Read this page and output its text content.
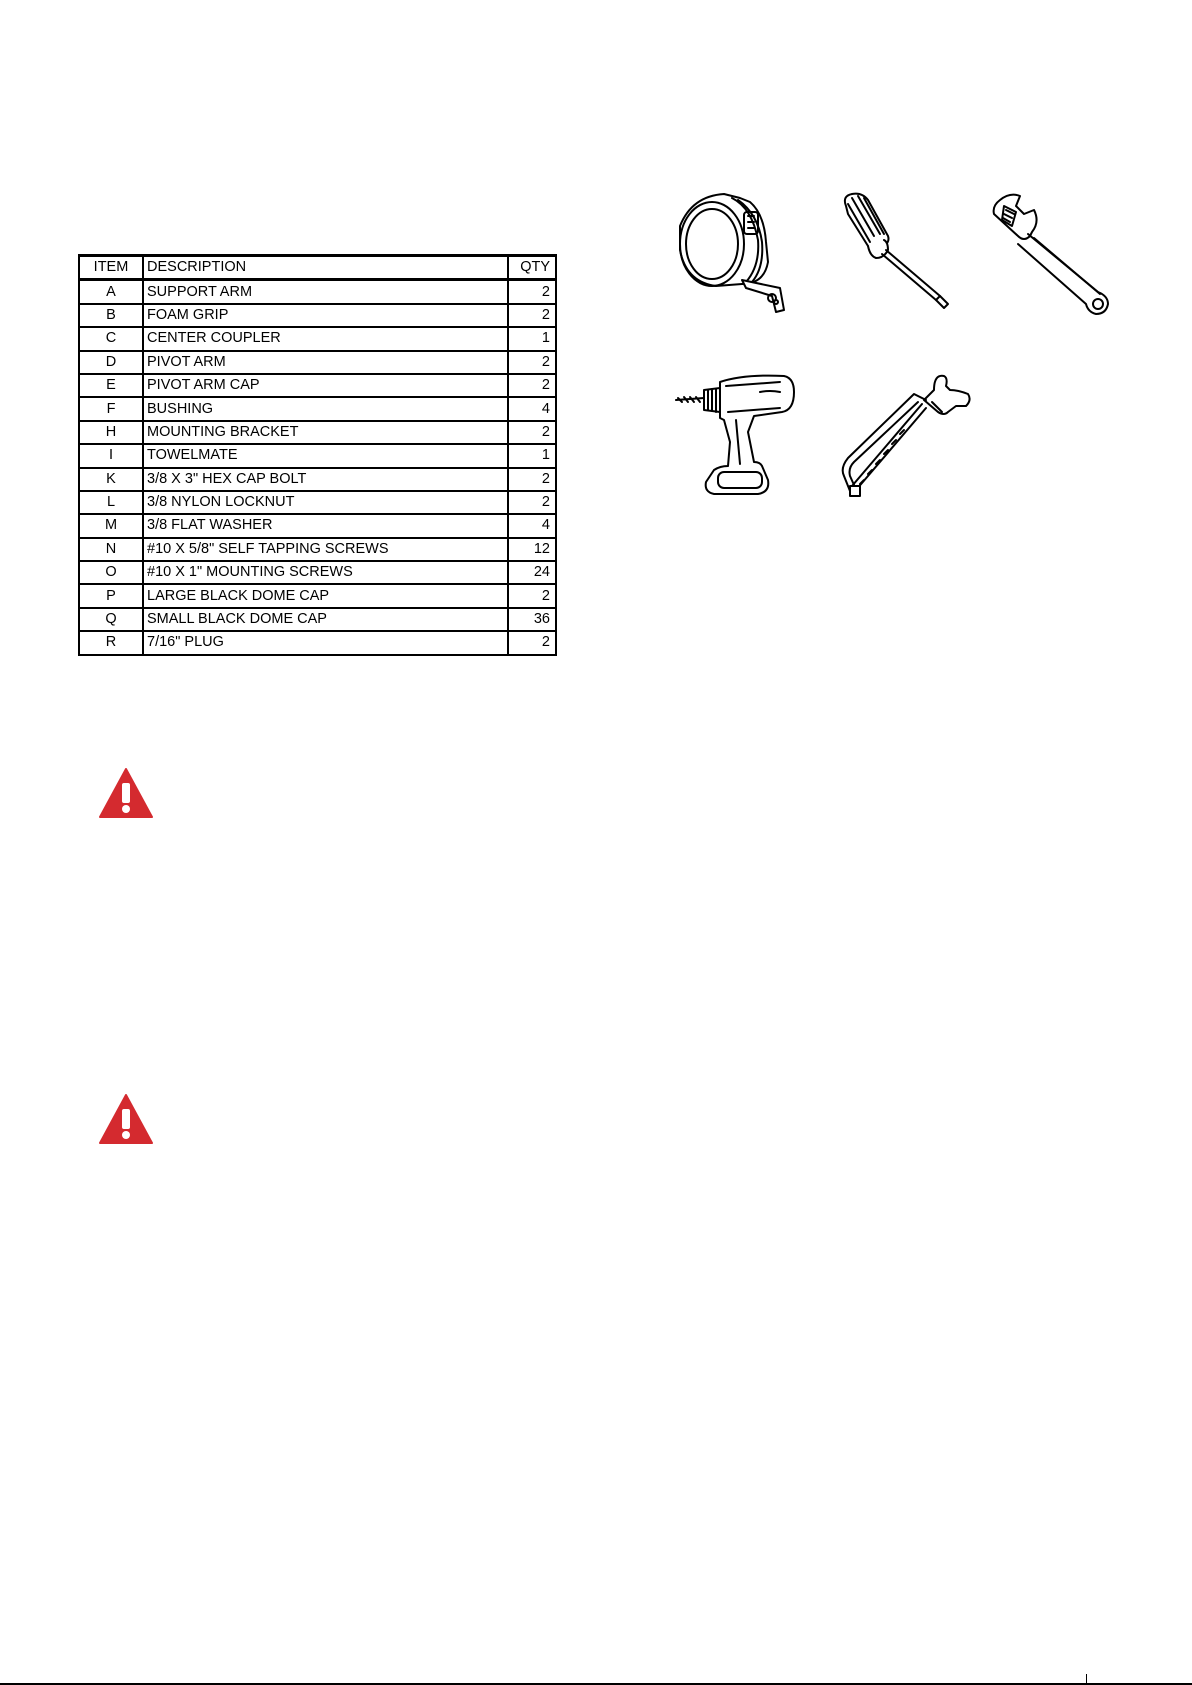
ITEM	DESCRIPTION	QTY
A	SUPPORT ARM	2
B	FOAM GRIP	2
C	CENTER COUPLER	1
D	PIVOT ARM	2
E	PIVOT ARM CAP	2
F	BUSHING	4
H	MOUNTING BRACKET	2
I	TOWELMATE	1
K	3/8 X 3" HEX CAP BOLT	2
L	3/8 NYLON LOCKNUT	2
M	3/8 FLAT WASHER	4
N	#10 X 5/8" SELF TAPPING SCREWS	12
O	#10 X 1" MOUNTING SCREWS	24
P	LARGE BLACK DOME CAP	2
Q	SMALL BLACK DOME CAP	36
R	7/16" PLUG	2
